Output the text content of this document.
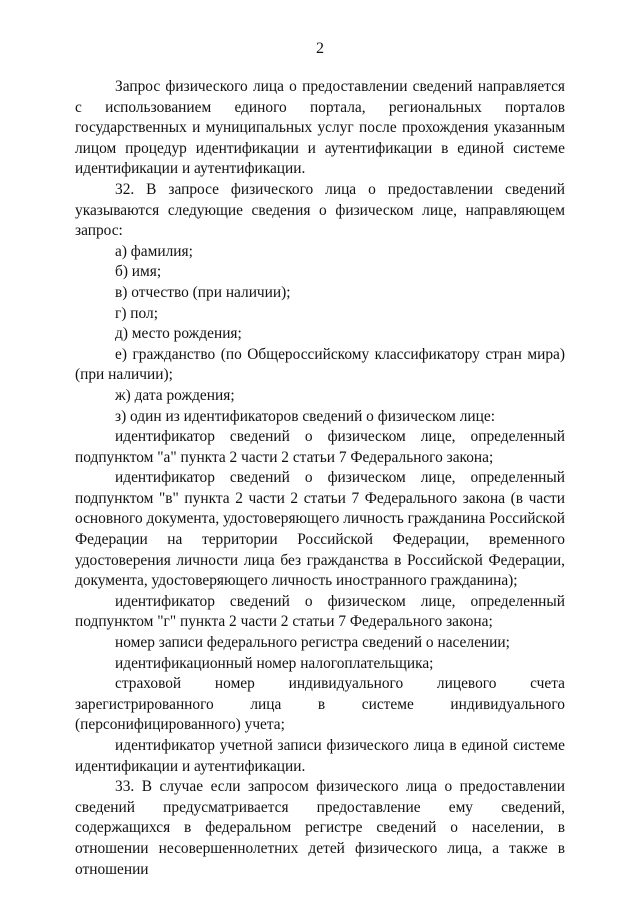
2

Запрос физического лица о предоставлении сведений направляется с использованием единого портала, региональных порталов государственных и муниципальных услуг после прохождения указанным лицом процедур идентификации и аутентификации в единой системе идентификации и аутентификации.

32. В запросе физического лица о предоставлении сведений указываются следующие сведения о физическом лице, направляющем запрос:

а) фамилия;

б) имя;

в) отчество (при наличии);

г) пол;

д) место рождения;

е) гражданство (по Общероссийскому классификатору стран мира) (при наличии);

ж) дата рождения;

з) один из идентификаторов сведений о физическом лице:

идентификатор сведений о физическом лице, определенный подпунктом "а" пункта 2 части 2 статьи 7 Федерального закона;

идентификатор сведений о физическом лице, определенный подпунктом "в" пункта 2 части 2 статьи 7 Федерального закона (в части основного документа, удостоверяющего личность гражданина Российской Федерации на территории Российской Федерации, временного удостоверения личности лица без гражданства в Российской Федерации, документа, удостоверяющего личность иностранного гражданина);

идентификатор сведений о физическом лице, определенный подпунктом "г" пункта 2 части 2 статьи 7 Федерального закона;

номер записи федерального регистра сведений о населении;

идентификационный номер налогоплательщика;

страховой номер индивидуального лицевого счета зарегистрированного лица в системе индивидуального (персонифицированного) учета;

идентификатор учетной записи физического лица в единой системе идентификации и аутентификации.

33. В случае если запросом физического лица о предоставлении сведений предусматривается предоставление ему сведений, содержащихся в федеральном регистре сведений о населении, в отношении несовершеннолетних детей физического лица, а также в отношении
